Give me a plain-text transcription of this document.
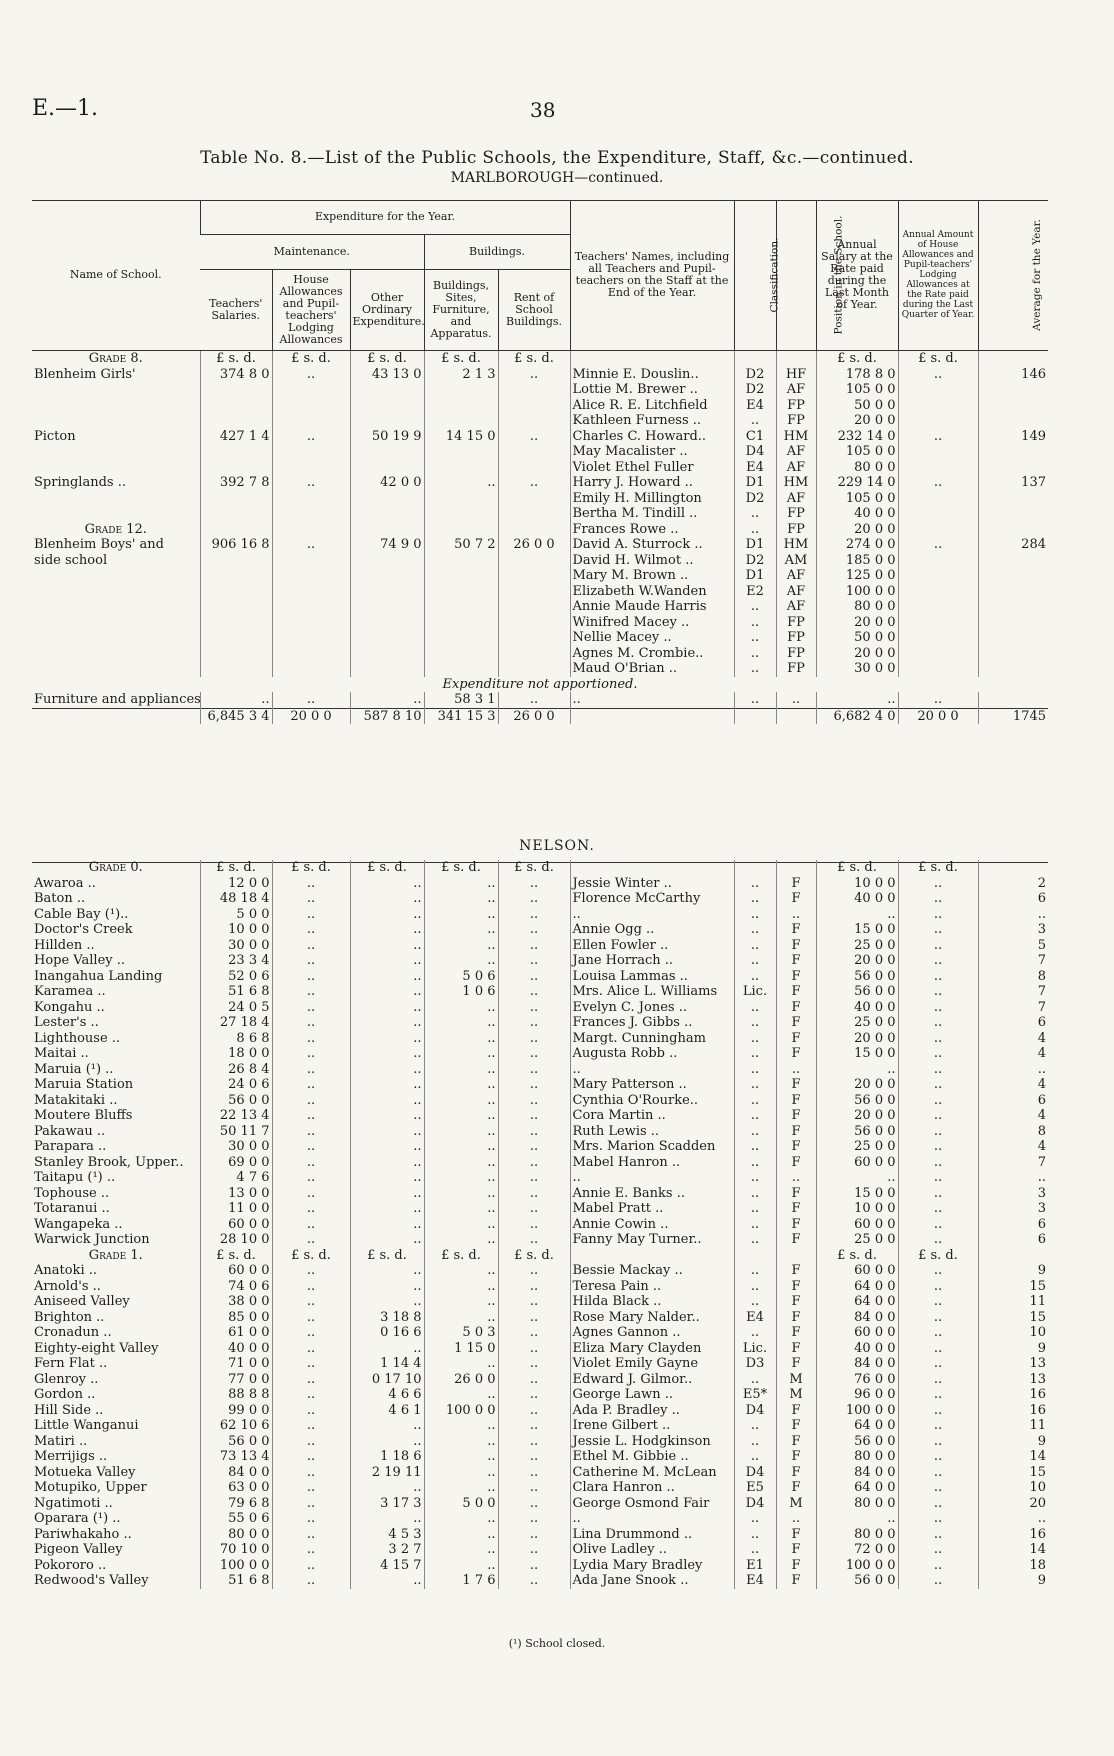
E.—1.	38
Table No. 8.—List of the Public Schools, the Expenditure, Staff, &c.—continued.
MARLBOROUGH—continued.
Name of School.	Expenditure for the Year.					Teachers' Names, including all Teachers and Pupil-teachers on the Staff at the End of the Year.	Classification.	Position in the School.	Annual Salary at the Rate paid during the Last Month of Year.	Annual Amount of House Allowances and Pupil-teachers' Lodging Allowances at the Rate paid during the Last Quarter of Year.	Average for the Year.
	Maintenance.			Buildings.							
	Teachers' Salaries.	House Allowances and Pupil-teachers' Lodging Allowances	Other Ordinary Expenditure.	Buildings, Sites, Furniture, and Apparatus.	Rent of School Buildings.						
Grade 8.	£ s. d.	£ s. d.	£ s. d.	£ s. d.	£ s. d.				£ s. d.	£ s. d.	
Blenheim Girls'	374 8 0	..	43 13 0	2 1 3	..	Minnie E. Douslin..	D2	HF	178 8 0	..	146
						Lottie M. Brewer ..	D2	AF	105 0 0		
						Alice R. E. Litchfield	E4	FP	50 0 0		
						Kathleen Furness ..	..	FP	20 0 0		
Picton	427 1 4	..	50 19 9	14 15 0	..	Charles C. Howard..	C1	HM	232 14 0	..	149
						May Macalister ..	D4	AF	105 0 0		
						Violet Ethel Fuller	E4	AF	80 0 0		
Springlands ..	392 7 8	..	42 0 0	..	..	Harry J. Howard ..	D1	HM	229 14 0	..	137
						Emily H. Millington	D2	AF	105 0 0		
						Bertha M. Tindill ..	..	FP	40 0 0		
Grade 12.						Frances Rowe ..	..	FP	20 0 0		
Blenheim Boys' and	906 16 8	..	74 9 0	50 7 2	26 0 0	David A. Sturrock ..	D1	HM	274 0 0	..	284
side school						David H. Wilmot ..	D2	AM	185 0 0		
						Mary M. Brown ..	D1	AF	125 0 0		
						Elizabeth W.Wanden	E2	AF	100 0 0		
						Annie Maude Harris	..	AF	80 0 0		
						Winifred Macey ..	..	FP	20 0 0		
						Nellie Macey ..	..	FP	50 0 0		
						Agnes M. Crombie..	..	FP	20 0 0		
						Maud O'Brian ..	..	FP	30 0 0		
Expenditure not apportioned.											
Furniture and appliances	..	..	..	58 3 1	..	..	..	..	..	..	
	6,845 3 4	20 0 0	587 8 10	341 15 3	26 0 0				6,682 4 0	20 0 0	1745
NELSON.
Grade 0.	£ s. d.	£ s. d.	£ s. d.	£ s. d.	£ s. d.				£ s. d.	£ s. d.	
Awaroa ..	12 0 0	..	..	..	..	Jessie Winter ..	..	F	10 0 0	..	2
Baton ..	48 18 4	..	..	..	..	Florence McCarthy	..	F	40 0 0	..	6
Cable Bay (¹)..	5 0 0	..	..	..	..	..	..	..	..	..	..
Doctor's Creek	10 0 0	..	..	..	..	Annie Ogg ..	..	F	15 0 0	..	3
Hillden ..	30 0 0	..	..	..	..	Ellen Fowler ..	..	F	25 0 0	..	5
Hope Valley ..	23 3 4	..	..	..	..	Jane Horrach ..	..	F	20 0 0	..	7
Inangahua Landing	52 0 6	..	..	5 0 6	..	Louisa Lammas ..	..	F	56 0 0	..	8
Karamea ..	51 6 8	..	..	1 0 6	..	Mrs. Alice L. Williams	Lic.	F	56 0 0	..	7
Kongahu ..	24 0 5	..	..	..	..	Evelyn C. Jones ..	..	F	40 0 0	..	7
Lester's ..	27 18 4	..	..	..	..	Frances J. Gibbs ..	..	F	25 0 0	..	6
Lighthouse ..	8 6 8	..	..	..	..	Margt. Cunningham	..	F	20 0 0	..	4
Maitai ..	18 0 0	..	..	..	..	Augusta Robb ..	..	F	15 0 0	..	4
Maruia (¹) ..	26 8 4	..	..	..	..	..	..	..	..	..	..
Maruia Station	24 0 6	..	..	..	..	Mary Patterson ..	..	F	20 0 0	..	4
Matakitaki ..	56 0 0	..	..	..	..	Cynthia O'Rourke..	..	F	56 0 0	..	6
Moutere Bluffs	22 13 4	..	..	..	..	Cora Martin ..	..	F	20 0 0	..	4
Pakawau ..	50 11 7	..	..	..	..	Ruth Lewis ..	..	F	56 0 0	..	8
Parapara ..	30 0 0	..	..	..	..	Mrs. Marion Scadden	..	F	25 0 0	..	4
Stanley Brook, Upper..	69 0 0	..	..	..	..	Mabel Hanron ..	..	F	60 0 0	..	7
Taitapu (¹) ..	4 7 6	..	..	..	..	..	..	..	..	..	..
Tophouse ..	13 0 0	..	..	..	..	Annie E. Banks ..	..	F	15 0 0	..	3
Totaranui ..	11 0 0	..	..	..	..	Mabel Pratt ..	..	F	10 0 0	..	3
Wangapeka ..	60 0 0	..	..	..	..	Annie Cowin ..	..	F	60 0 0	..	6
Warwick Junction	28 10 0	..	..	..	..	Fanny May Turner..	..	F	25 0 0	..	6
Grade 1.	£ s. d.	£ s. d.	£ s. d.	£ s. d.	£ s. d.				£ s. d.	£ s. d.	
Anatoki ..	60 0 0	..	..	..	..	Bessie Mackay ..	..	F	60 0 0	..	9
Arnold's ..	74 0 6	..	..	..	..	Teresa Pain ..	..	F	64 0 0	..	15
Aniseed Valley	38 0 0	..	..	..	..	Hilda Black ..	..	F	64 0 0	..	11
Brighton ..	85 0 0	..	3 18 8	..	..	Rose Mary Nalder..	E4	F	84 0 0	..	15
Cronadun ..	61 0 0	..	0 16 6	5 0 3	..	Agnes Gannon ..	..	F	60 0 0	..	10
Eighty-eight Valley	40 0 0	..	..	1 15 0	..	Eliza Mary Clayden	Lic.	F	40 0 0	..	9
Fern Flat ..	71 0 0	..	1 14 4	..	..	Violet Emily Gayne	D3	F	84 0 0	..	13
Glenroy ..	77 0 0	..	0 17 10	26 0 0	..	Edward J. Gilmor..	..	M	76 0 0	..	13
Gordon ..	88 8 8	..	4 6 6	..	..	George Lawn ..	E5*	M	96 0 0	..	16
Hill Side ..	99 0 0	..	4 6 1	100 0 0	..	Ada P. Bradley ..	D4	F	100 0 0	..	16
Little Wanganui	62 10 6	..	..	..	..	Irene Gilbert ..	..	F	64 0 0	..	11
Matiri ..	56 0 0	..	..	..	..	Jessie L. Hodgkinson	..	F	56 0 0	..	9
Merrijigs ..	73 13 4	..	1 18 6	..	..	Ethel M. Gibbie ..	..	F	80 0 0	..	14
Motueka Valley	84 0 0	..	2 19 11	..	..	Catherine M. McLean	D4	F	84 0 0	..	15
Motupiko, Upper	63 0 0	..	..	..	..	Clara Hanron ..	E5	F	64 0 0	..	10
Ngatimoti ..	79 6 8	..	3 17 3	5 0 0	..	George Osmond Fair	D4	M	80 0 0	..	20
Oparara (¹) ..	55 0 6	..	..	..	..	..	..	..	..	..	..
Pariwhakaho ..	80 0 0	..	4 5 3	..	..	Lina Drummond ..	..	F	80 0 0	..	16
Pigeon Valley	70 10 0	..	3 2 7	..	..	Olive Ladley ..	..	F	72 0 0	..	14
Pokororo ..	100 0 0	..	4 15 7	..	..	Lydia Mary Bradley	E1	F	100 0 0	..	18
Redwood's Valley	51 6 8	..	..	1 7 6	..	Ada Jane Snook ..	E4	F	56 0 0	..	9
(¹) School closed.
